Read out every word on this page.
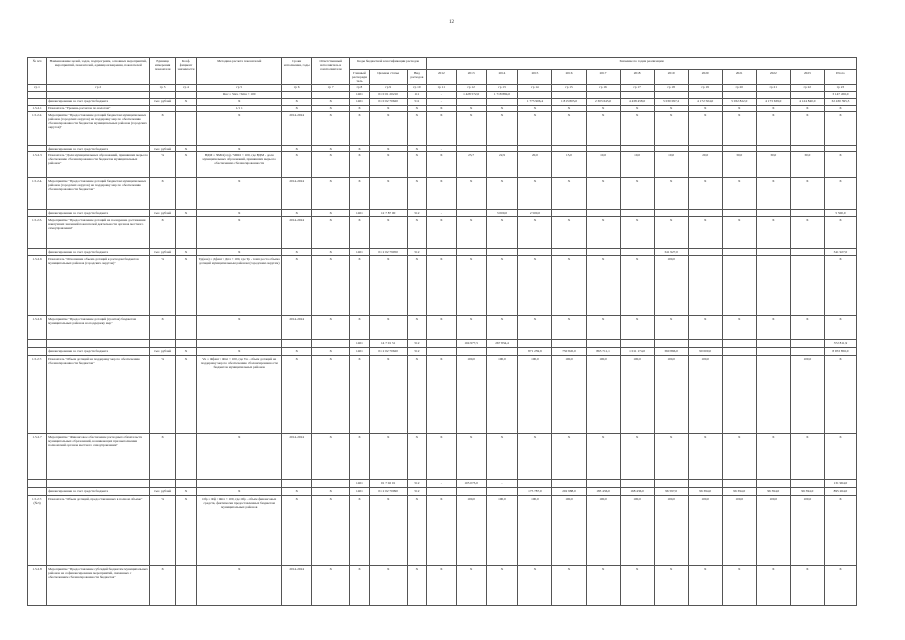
12
№ п/п	Наименование целей, задач, подпрограмм, основных мероприятий, мероприятий, показателей, единица измерения, показателей	Единица измерения показателя	Коэф. фициент значимости	Методика расчета показателей	Сроки исполнения, годы	Ответственный исполнитель и соисполнители	Коды бюджетной классификации расходов			Значение по годам реализации												
							Главный распорядитель	Целевая статья	Вид расходов	2012	2013	2014	2015	2016	2017	2018	2019	2020	2021	2022	2023	Итого
гр 1	гр 2	гр 3	гр 4	гр 5	гр 6	гр 7	гр 8	гр 9	гр 10	гр 11	гр 12	гр 13	гр 14	гр 15	гр 16	гр 17	гр 18	гр 19	гр 20	гр 21	гр 22	гр 23
				Ruc = Sisx / Smu × 100			1401	01 0 01 20210	111	-	1 428 572,0	1 718 884,0										3 147 456,0
	финансирование за счет средств бюджета	тыс. рублей	X	X	X	X	1401	01 0 02 70620	511	-			1 775 906,4	1 813 805,0	2 303 645,0	4 438 458,0	5 030 097,2	4 172 504,0	5 032 822,0	4 173 639,0	4 124 840,0	32 430 395,3
1.5.2.1	Показатель "Уровень расчетов по налогам"			1/1 1	X	X	X	X	X	X	X	X	X	X	X	X	X	X	X	X	X	X
1.5.2.2.	Мероприятие "Предоставление дотаций бюджетам муниципальных районов (городских округов) на поддержку мер по обеспечению сбалансированности бюджетов муниципальных районов (городских округов)"	X		X	2014-2024	X	X	X	X	X	X	X	X	X	X	X	X	X	X	X	X	X
	финансирование за счет средств бюджета	тыс. рублей	X	X	X	X	X	X	X	-												
1.5.2.3	Показатель "Доля муниципальных образований, принявших меры по обеспечению сбалансированности бюджетов муниципальных районов"	%	X	ВДМ = ЧМО(отд) / ЧМО × 100, где ВДМ - доля муниципальных образований, принявших меры по обеспечению сбалансированности	X	X	X	X	X	X	25,7	22,9	20,0	15,0	10,0	10,0	10,0	20,0	30,0	30,0	30,0	X
1.5.2.4.	Мероприятие "Предоставление дотаций бюджетам муниципальных районов (городских округов) на поддержку мер по обеспечению сбалансированности бюджетов"	X		X	2014-2024	X	X	X	X	X	X	X	X	X	X	X	X	X	X	X	X	X
	финансирование за счет средств бюджета	тыс. рублей	X	X	X	X	1401	12 7 87 00	512	-		3 000,0	2 500,0									5 500,0
1.5.2.5.	Мероприятие "Предоставление дотаций на поощрение достижения наилучших значений показателей деятельности органов местного самоуправления"	X		X	2014-2024	X	X	X	X	X	X	X	X	X	X	X	X	X	X	X	X	X
	финансирование за счет средств бюджета	тыс. рублей	X	X	X	X	1401	01 2 02 79050	512								341 927,0					341 927,0
1.5.2.6	Показатель "Отношение объема дотаций к расходам бюджетов муниципальных районов (городских округов)"	%	X	Тр(кон) = Дфакт / Дпл × 100, где Тр - темп роста объема дотаций муниципальным районам (городским округам)	X	X	X	X	X	X	X	X	X	X	X	X	100,0					X
1.5.2.6	Мероприятие "Предоставление дотаций (грантов) бюджетам муниципальных районов на поддержку мер"	X		X	2014-2024	X	X	X	X	X	X	X	X	X	X	X	X	X	X	X	X	X
							1401	14 7 01 51	512		104 977,5	267 834,4										372 811,9
	финансирование за счет средств бюджета	тыс. рублей	X	X	X	X	1401	01 2 02 70620	512				871 259,9	750 845,0	865 711,1	1 011 174,0	360 866,0	90 000,0				8 953 856,0
1.5.2.7.	Показатель "Объем дотаций на поддержку мер по обеспечению сбалансированности бюджетов"	%	X	Vu = Ффакт / Фпл × 100, где Vu - объем дотаций на поддержку мер по обеспечению сбалансированности бюджетов муниципальных районов	X	X	X	X	X	X	100,0	100,0	100,0	100,0	100,0	100,0	100,0	100,0			100,0	X
1.5.2.7	Мероприятие "Финансовое обеспечение расходных обязательств муниципальных образований, возникающих при выполнении полномочий органов местного самоуправления"	X		X	2014-2024	X	X	X	X	X	X	X	X	X	X	X	X	X	X	X	X	X
							1401	01 7 02 01	512	-	105 073,0	-										131 964,0
	финансирование за счет средств бюджета	тыс. рублей	X	X	X	X	1401	01 2 02 70090	512				175 787,0	202 988,0	183 436,0	168 436,0	96 597,0	96 394,0	96 394,0	96 394,0	96 394,0	895 264,0
1.5.2.7. (№3)	Показатель "Объем дотаций, предоставленных в полном объеме"	%	X	Ofp = Фф / Фпл × 100, где Ofp - объем финансовых средств, фактически предоставленных бюджетам муниципальных районов	X	X	X	X	X	X	100,0	100,0	100,0	100,0	100,0	100,0	100,0	100,0	100,0	100,0	100,0	X
1.5.2.8	Мероприятие "Предоставление субсидий бюджетам муниципальных районов на софинансирование мероприятий, связанных с обеспечением сбалансированности бюджетов"	X		X	2014-2024	X	X	X	X	X	X	X	X	X	X	X	X	X	X	X	X	X
